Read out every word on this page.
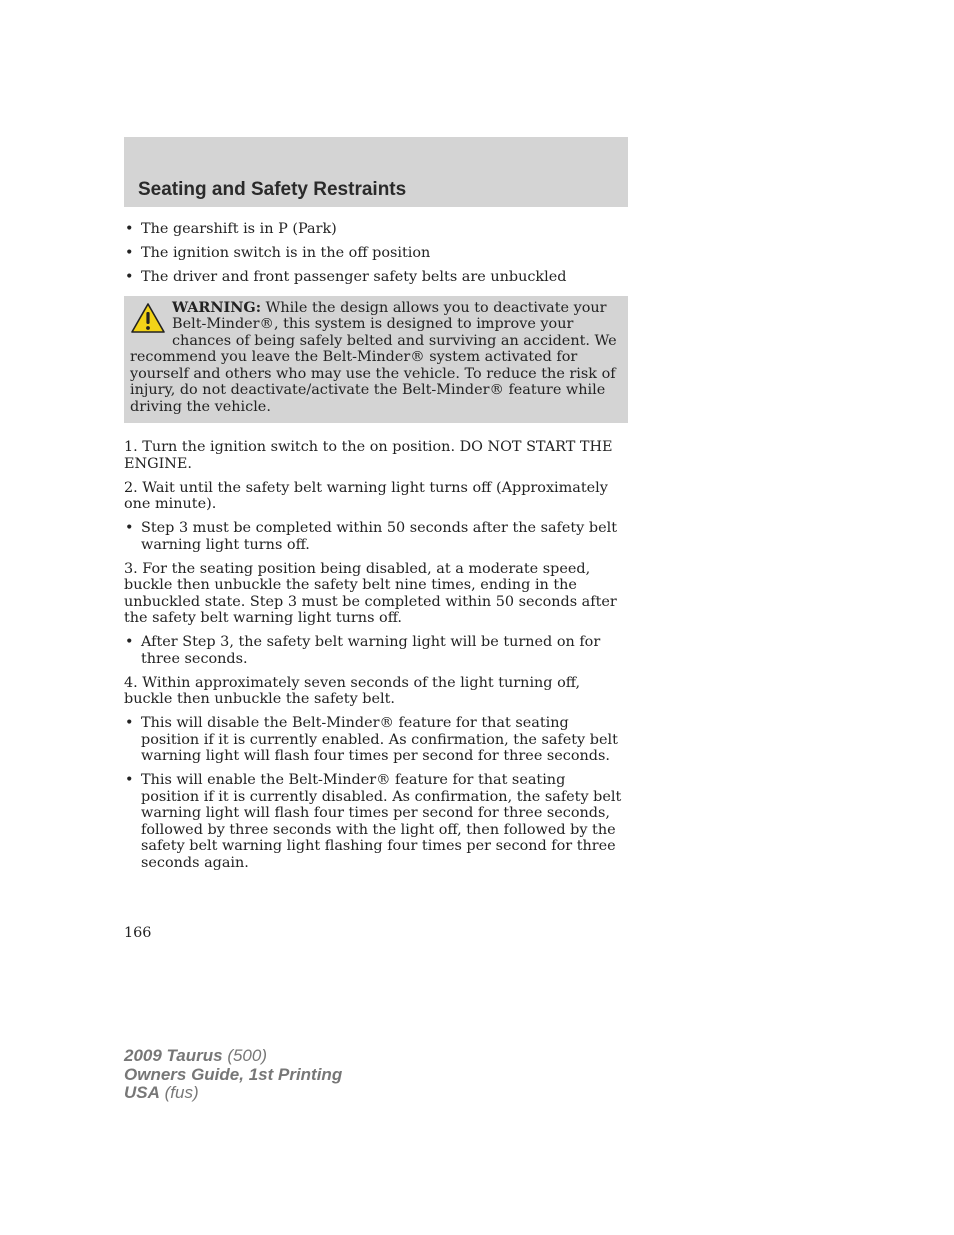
Seating and Safety Restraints
• The gearshift is in P (Park)
• The ignition switch is in the off position
• The driver and front passenger safety belts are unbuckled
WARNING: While the design allows you to deactivate your Belt-Minder®, this system is designed to improve your chances of being safely belted and surviving an accident. We recommend you leave the Belt-Minder® system activated for yourself and others who may use the vehicle. To reduce the risk of injury, do not deactivate/activate the Belt-Minder® feature while driving the vehicle.

1. Turn the ignition switch to the on position. DO NOT START THE ENGINE.

2. Wait until the safety belt warning light turns off (Approximately one minute).

• Step 3 must be completed within 50 seconds after the safety belt warning light turns off.

3. For the seating position being disabled, at a moderate speed, buckle then unbuckle the safety belt nine times, ending in the unbuckled state. Step 3 must be completed within 50 seconds after the safety belt warning light turns off.

• After Step 3, the safety belt warning light will be turned on for three seconds.

4. Within approximately seven seconds of the light turning off, buckle then unbuckle the safety belt.

• This will disable the Belt-Minder® feature for that seating position if it is currently enabled. As confirmation, the safety belt warning light will flash four times per second for three seconds.
• This will enable the Belt-Minder® feature for that seating position if it is currently disabled. As confirmation, the safety belt warning light will flash four times per second for three seconds, followed by three seconds with the light off, then followed by the safety belt warning light flashing four times per second for three seconds again.

166

2009 Taurus (500)
Owners Guide, 1st Printing
USA (fus)
